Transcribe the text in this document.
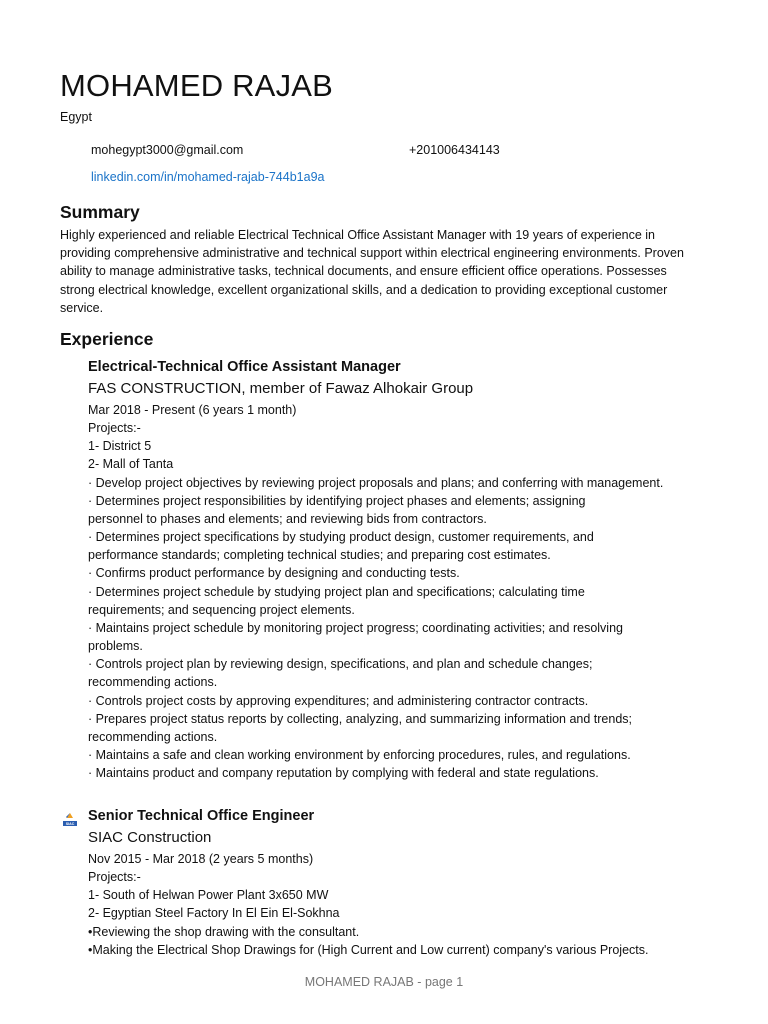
MOHAMED RAJAB
Egypt
mohegypt3000@gmail.com	+201006434143
linkedin.com/in/mohamed-rajab-744b1a9a
Summary
Highly experienced and reliable Electrical Technical Office Assistant Manager with 19 years of experience in providing comprehensive administrative and technical support within electrical engineering environments. Proven ability to manage administrative tasks, technical documents, and ensure efficient office operations. Possesses strong electrical knowledge, excellent organizational skills, and a dedication to providing exceptional customer service.
Experience
Electrical-Technical Office Assistant Manager
FAS CONSTRUCTION, member of Fawaz Alhokair Group
Mar 2018 - Present (6 years 1 month)
Projects:-
1- District 5
2- Mall of Tanta
· Develop project objectives by reviewing project proposals and plans; and conferring with management.
· Determines project responsibilities by identifying project phases and elements; assigning
personnel to phases and elements; and reviewing bids from contractors.
· Determines project specifications by studying product design, customer requirements, and
performance standards; completing technical studies; and preparing cost estimates.
· Confirms product performance by designing and conducting tests.
· Determines project schedule by studying project plan and specifications; calculating time
requirements; and sequencing project elements.
· Maintains project schedule by monitoring project progress; coordinating activities; and resolving
problems.
· Controls project plan by reviewing design, specifications, and plan and schedule changes;
recommending actions.
· Controls project costs by approving expenditures; and administering contractor contracts.
· Prepares project status reports by collecting, analyzing, and summarizing information and trends;
recommending actions.
· Maintains a safe and clean working environment by enforcing procedures, rules, and regulations.
· Maintains product and company reputation by complying with federal and state regulations.
SIAC
Senior Technical Office Engineer
SIAC Construction
Nov 2015 - Mar 2018 (2 years 5 months)
Projects:-
1- South of Helwan Power Plant 3x650 MW
2- Egyptian Steel Factory In El Ein El-Sokhna
•Reviewing the shop drawing with the consultant.
•Making the Electrical Shop Drawings for (High Current and Low current) company's various Projects.
MOHAMED RAJAB - page 1
